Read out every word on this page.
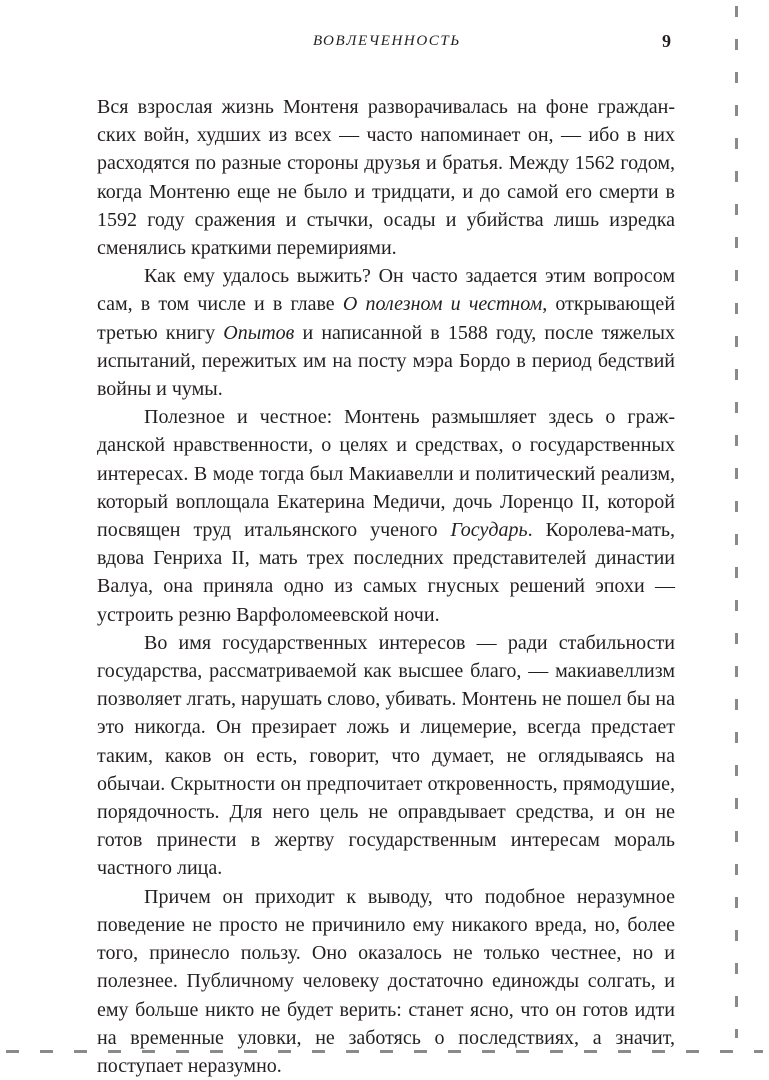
ВОВЛЕЧЕННОСТЬ	9

Вся взрослая жизнь Монтеня разворачивалась на фоне гражданских войн, худших из всех — часто напоминает он, — ибо в них расходятся по разные стороны друзья и братья. Между 1562 годом, когда Монтеню еще не было и тридцати, и до самой его смерти в 1592 году сражения и стычки, осады и убийства лишь изредка сменялись краткими перемириями.

Как ему удалось выжить? Он часто задается этим вопросом сам, в том числе и в главе О полезном и честном, открывающей третью книгу Опытов и написанной в 1588 году, после тяжелых испытаний, пережитых им на посту мэра Бордо в период бедствий войны и чумы.

Полезное и честное: Монтень размышляет здесь о гражданской нравственности, о целях и средствах, о государственных интересах. В моде тогда был Макиавелли и политический реализм, который воплощала Екатерина Медичи, дочь Лоренцо II, которой посвящен труд итальянского ученого Государь. Королева-мать, вдова Генриха II, мать трех последних представителей династии Валуа, она приняла одно из самых гнусных решений эпохи — устроить резню Варфоломеевской ночи.

Во имя государственных интересов — ради стабильности государства, рассматриваемой как высшее благо, — макиавеллизм позволяет лгать, нарушать слово, убивать. Монтень не пошел бы на это никогда. Он презирает ложь и лицемерие, всегда предстает таким, каков он есть, говорит, что думает, не оглядываясь на обычаи. Скрытности он предпочитает откровенность, прямодушие, порядочность. Для него цель не оправдывает средства, и он не готов принести в жертву государственным интересам мораль частного лица.

Причем он приходит к выводу, что подобное неразумное поведение не просто не причинило ему никакого вреда, но, более того, принесло пользу. Оно оказалось не только честнее, но и полезнее. Публичному человеку достаточно единожды солгать, и ему больше никто не будет верить: станет ясно, что он готов идти на временные уловки, не заботясь о последствиях, а значит, поступает неразумно.
